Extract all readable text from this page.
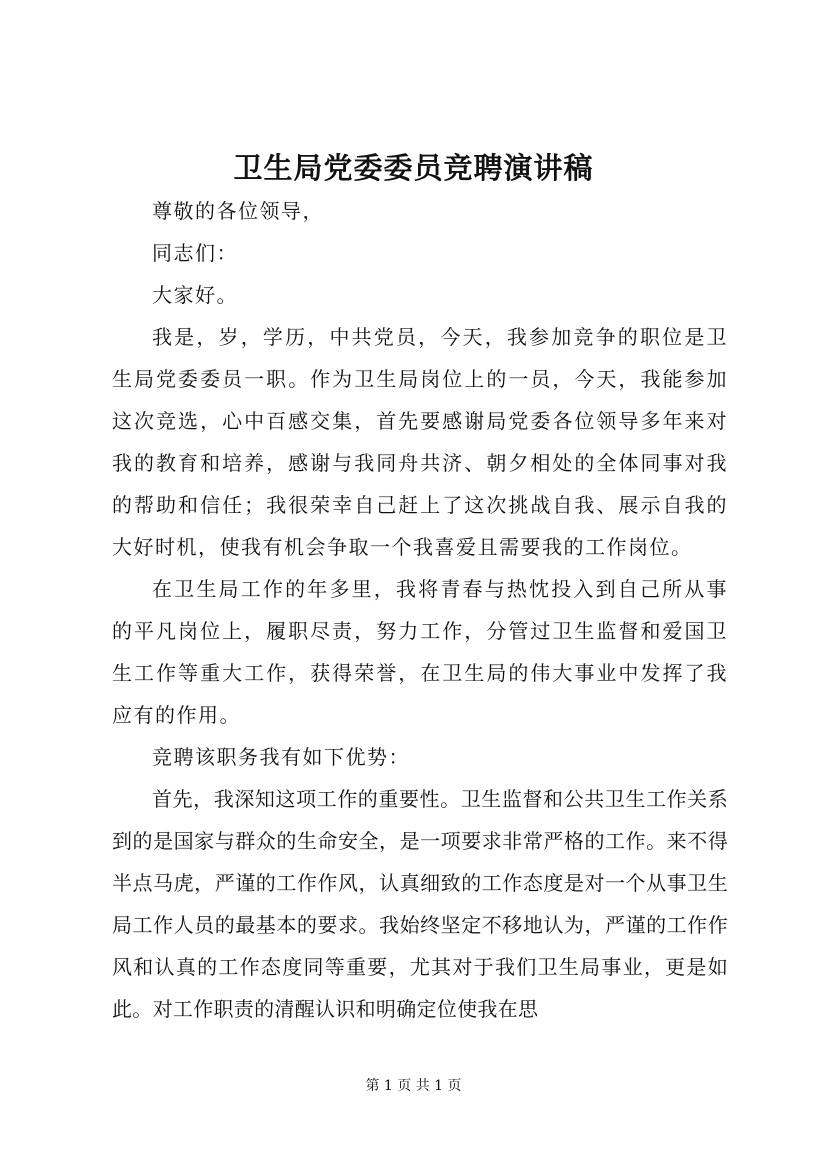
卫生局党委委员竞聘演讲稿

尊敬的各位领导，

同志们：

大家好。

我是，岁，学历，中共党员，今天，我参加竞争的职位是卫生局党委委员一职。作为卫生局岗位上的一员，今天，我能参加这次竞选，心中百感交集，首先要感谢局党委各位领导多年来对我的教育和培养，感谢与我同舟共济、朝夕相处的全体同事对我的帮助和信任；我很荣幸自己赶上了这次挑战自我、展示自我的大好时机，使我有机会争取一个我喜爱且需要我的工作岗位。

在卫生局工作的年多里，我将青春与热忱投入到自己所从事的平凡岗位上，履职尽责，努力工作，分管过卫生监督和爱国卫生工作等重大工作，获得荣誉，在卫生局的伟大事业中发挥了我应有的作用。

竞聘该职务我有如下优势：

首先，我深知这项工作的重要性。卫生监督和公共卫生工作关系到的是国家与群众的生命安全，是一项要求非常严格的工作。来不得半点马虎，严谨的工作作风，认真细致的工作态度是对一个从事卫生局工作人员的最基本的要求。我始终坚定不移地认为，严谨的工作作风和认真的工作态度同等重要，尤其对于我们卫生局事业，更是如此。对工作职责的清醒认识和明确定位使我在思

第 1 页 共 1 页
